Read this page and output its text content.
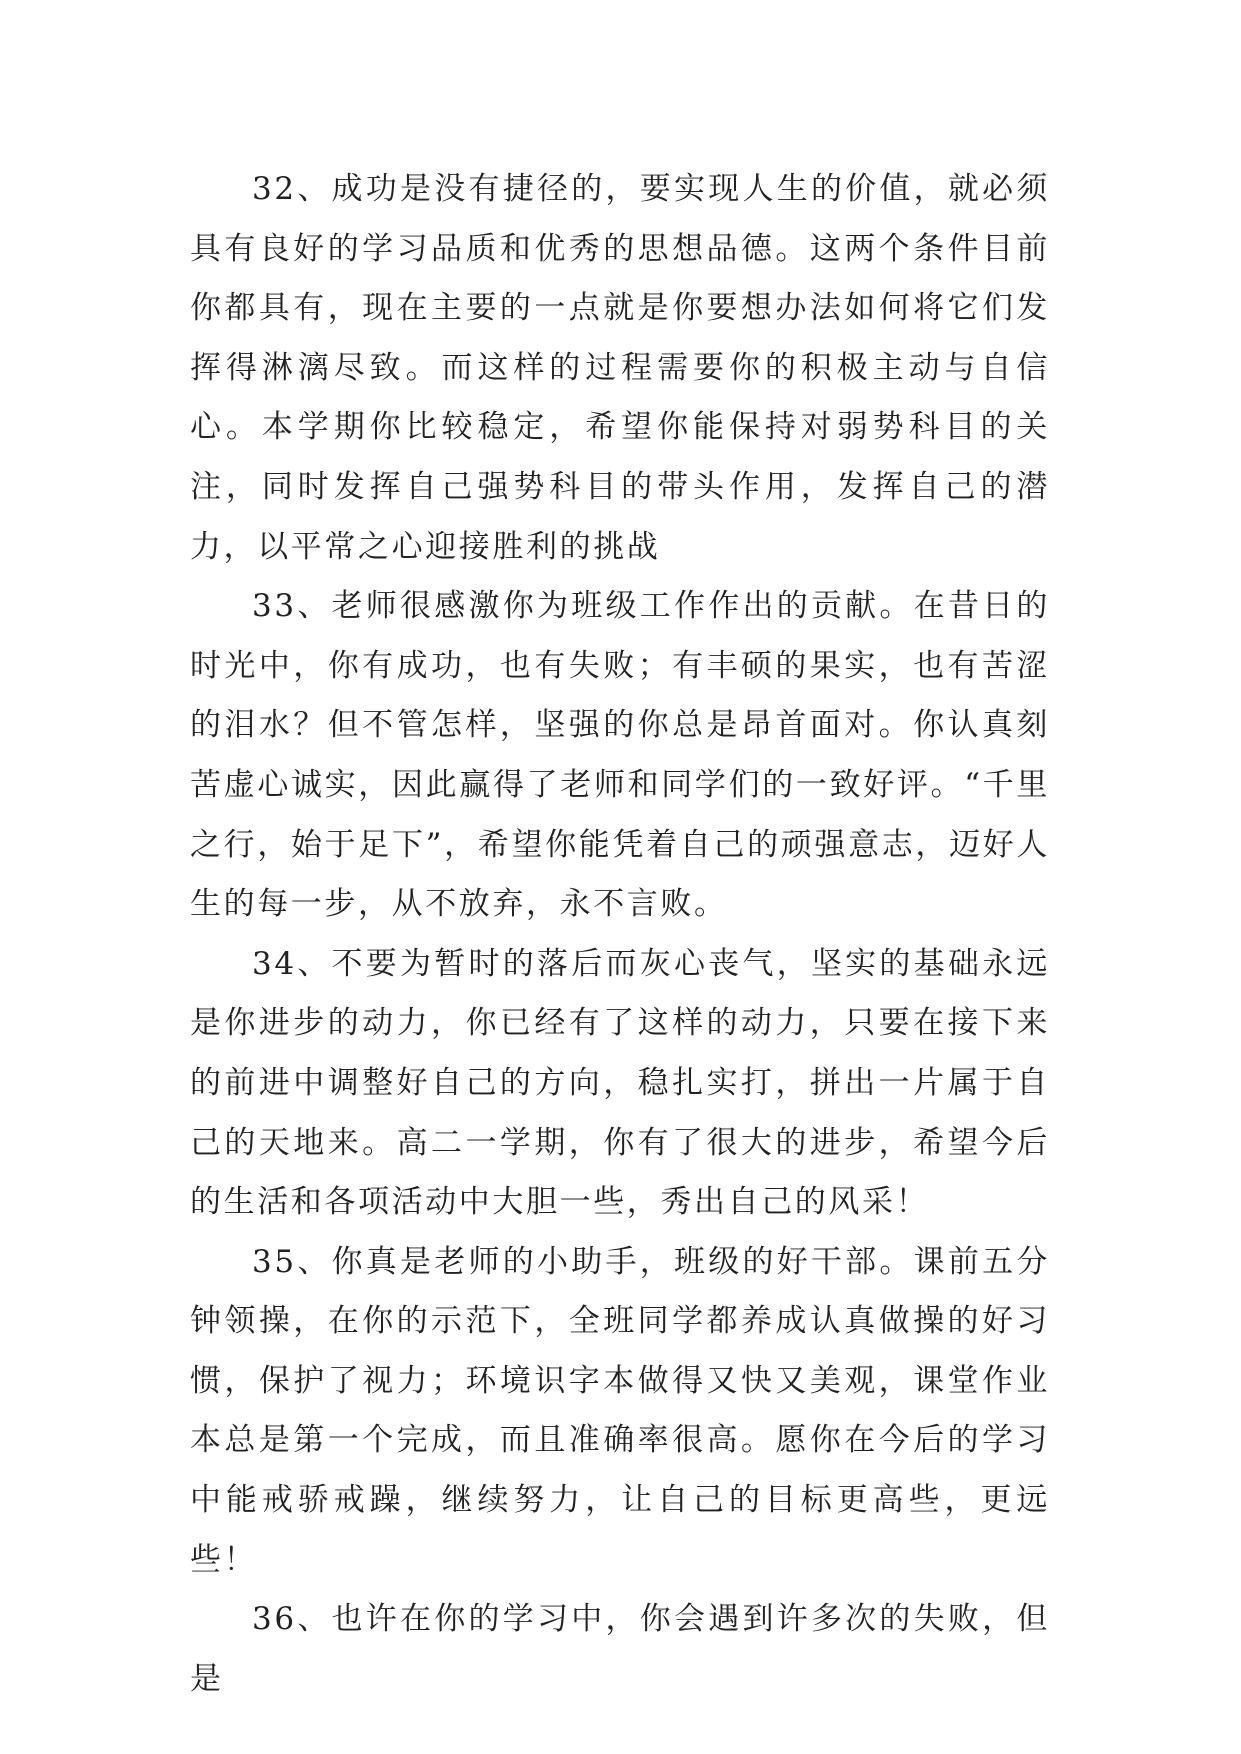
32、成功是没有捷径的，要实现人生的价值，就必须具有良好的学习品质和优秀的思想品德。这两个条件目前你都具有，现在主要的一点就是你要想办法如何将它们发挥得淋漓尽致。而这样的过程需要你的积极主动与自信心。本学期你比较稳定，希望你能保持对弱势科目的关注，同时发挥自己强势科目的带头作用，发挥自己的潜力，以平常之心迎接胜利的挑战

33、老师很感激你为班级工作作出的贡献。在昔日的时光中，你有成功，也有失败；有丰硕的果实，也有苦涩的泪水？但不管怎样，坚强的你总是昂首面对。你认真刻苦虚心诚实，因此赢得了老师和同学们的一致好评。“千里之行，始于足下”，希望你能凭着自己的顽强意志，迈好人生的每一步，从不放弃，永不言败。

34、不要为暂时的落后而灰心丧气，坚实的基础永远是你进步的动力，你已经有了这样的动力，只要在接下来的前进中调整好自己的方向，稳扎实打，拼出一片属于自己的天地来。高二一学期，你有了很大的进步，希望今后的生活和各项活动中大胆一些，秀出自己的风采！

35、你真是老师的小助手，班级的好干部。课前五分钟领操，在你的示范下，全班同学都养成认真做操的好习惯，保护了视力；环境识字本做得又快又美观，课堂作业本总是第一个完成，而且准确率很高。愿你在今后的学习中能戒骄戒躁，继续努力，让自己的目标更高些，更远些！

36、也许在你的学习中，你会遇到许多次的失败，但是
